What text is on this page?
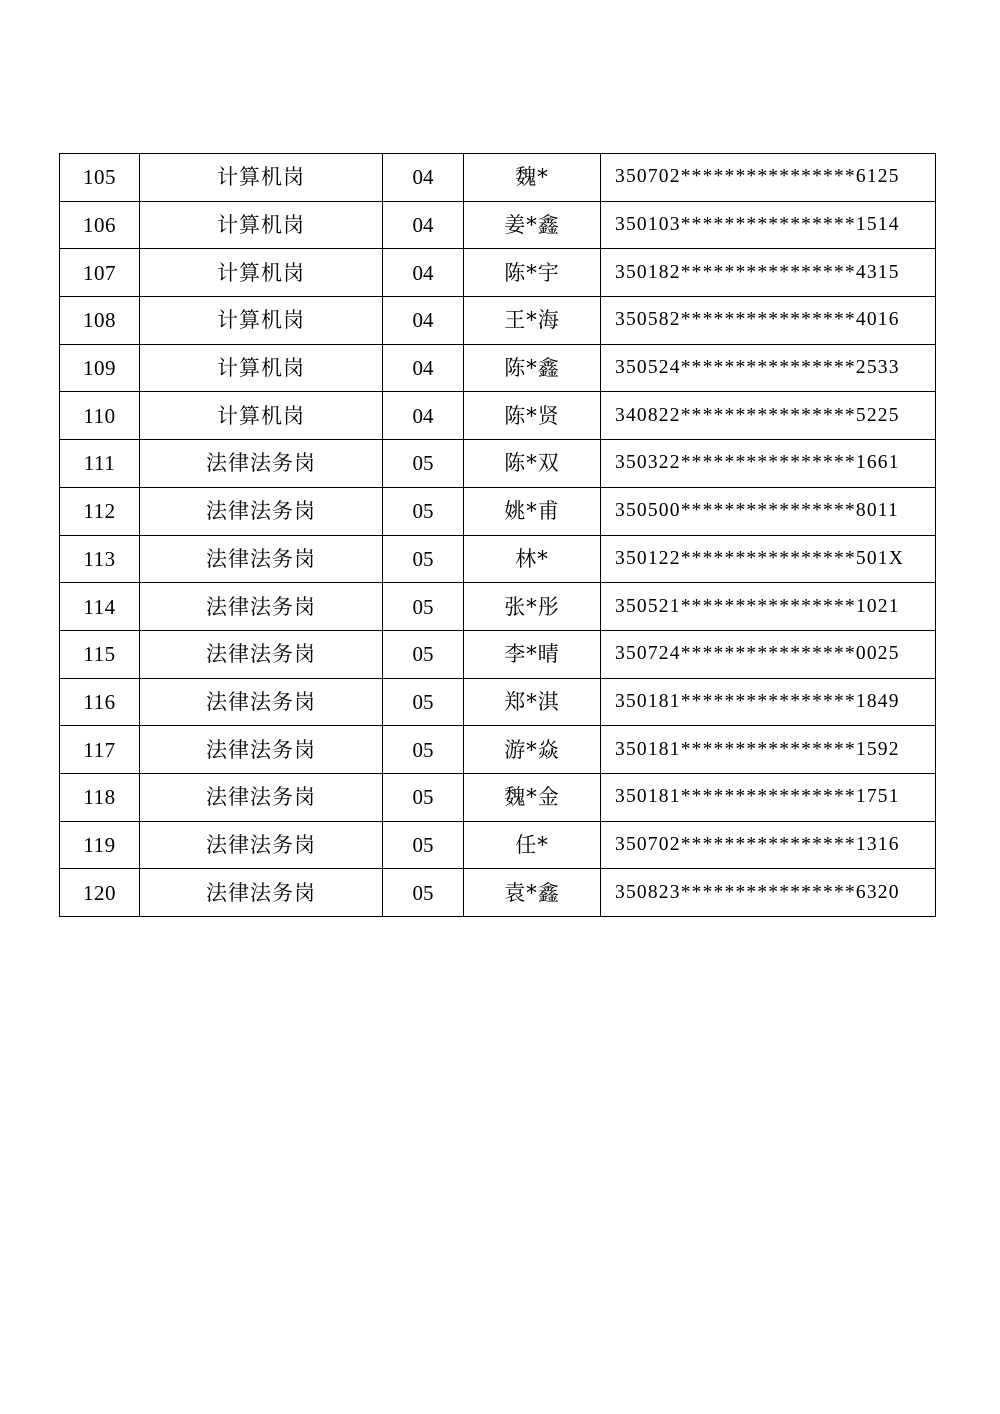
105	计算机岗	04	魏*	350702****************6125
106	计算机岗	04	姜*鑫	350103****************1514
107	计算机岗	04	陈*宇	350182****************4315
108	计算机岗	04	王*海	350582****************4016
109	计算机岗	04	陈*鑫	350524****************2533
110	计算机岗	04	陈*贤	340822****************5225
111	法律法务岗	05	陈*双	350322****************1661
112	法律法务岗	05	姚*甫	350500****************8011
113	法律法务岗	05	林*	350122****************501X
114	法律法务岗	05	张*彤	350521****************1021
115	法律法务岗	05	李*晴	350724****************0025
116	法律法务岗	05	郑*淇	350181****************1849
117	法律法务岗	05	游*焱	350181****************1592
118	法律法务岗	05	魏*金	350181****************1751
119	法律法务岗	05	任*	350702****************1316
120	法律法务岗	05	袁*鑫	350823****************6320
